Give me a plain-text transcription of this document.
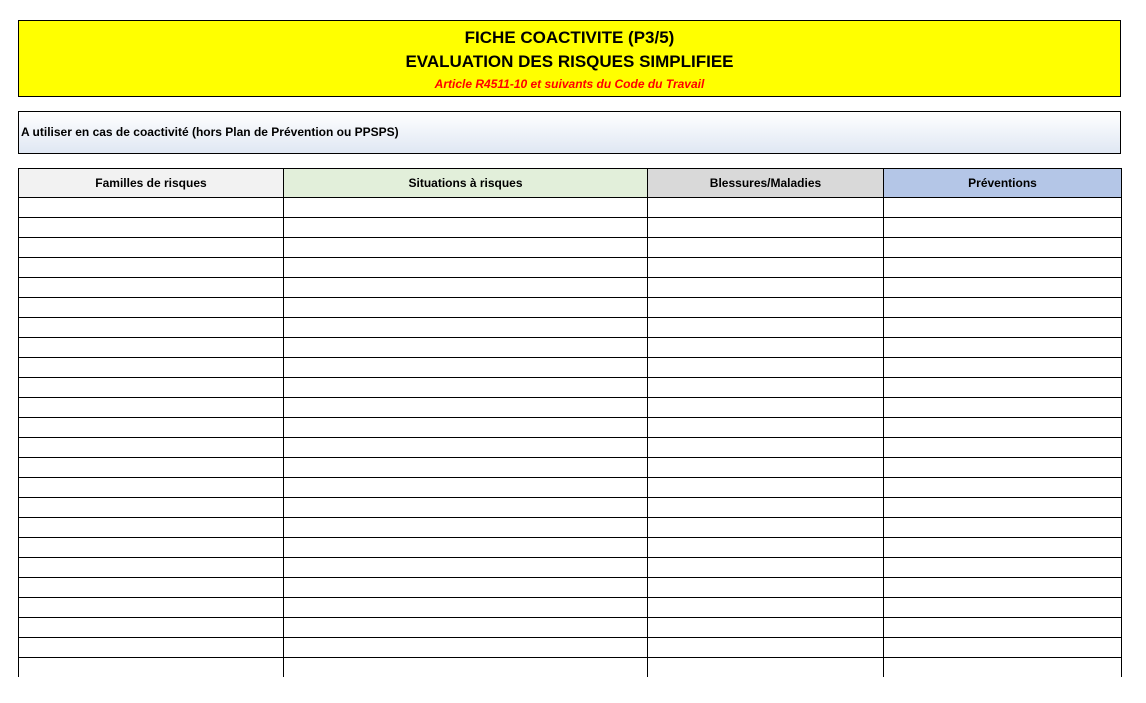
FICHE COACTIVITE (P3/5)
EVALUATION DES RISQUES SIMPLIFIEE
Article R4511-10 et suivants du Code du Travail
A utiliser en cas de coactivité (hors Plan de Prévention ou PPSPS)
Familles de risques	Situations à risques	Blessures/Maladies	Préventions
